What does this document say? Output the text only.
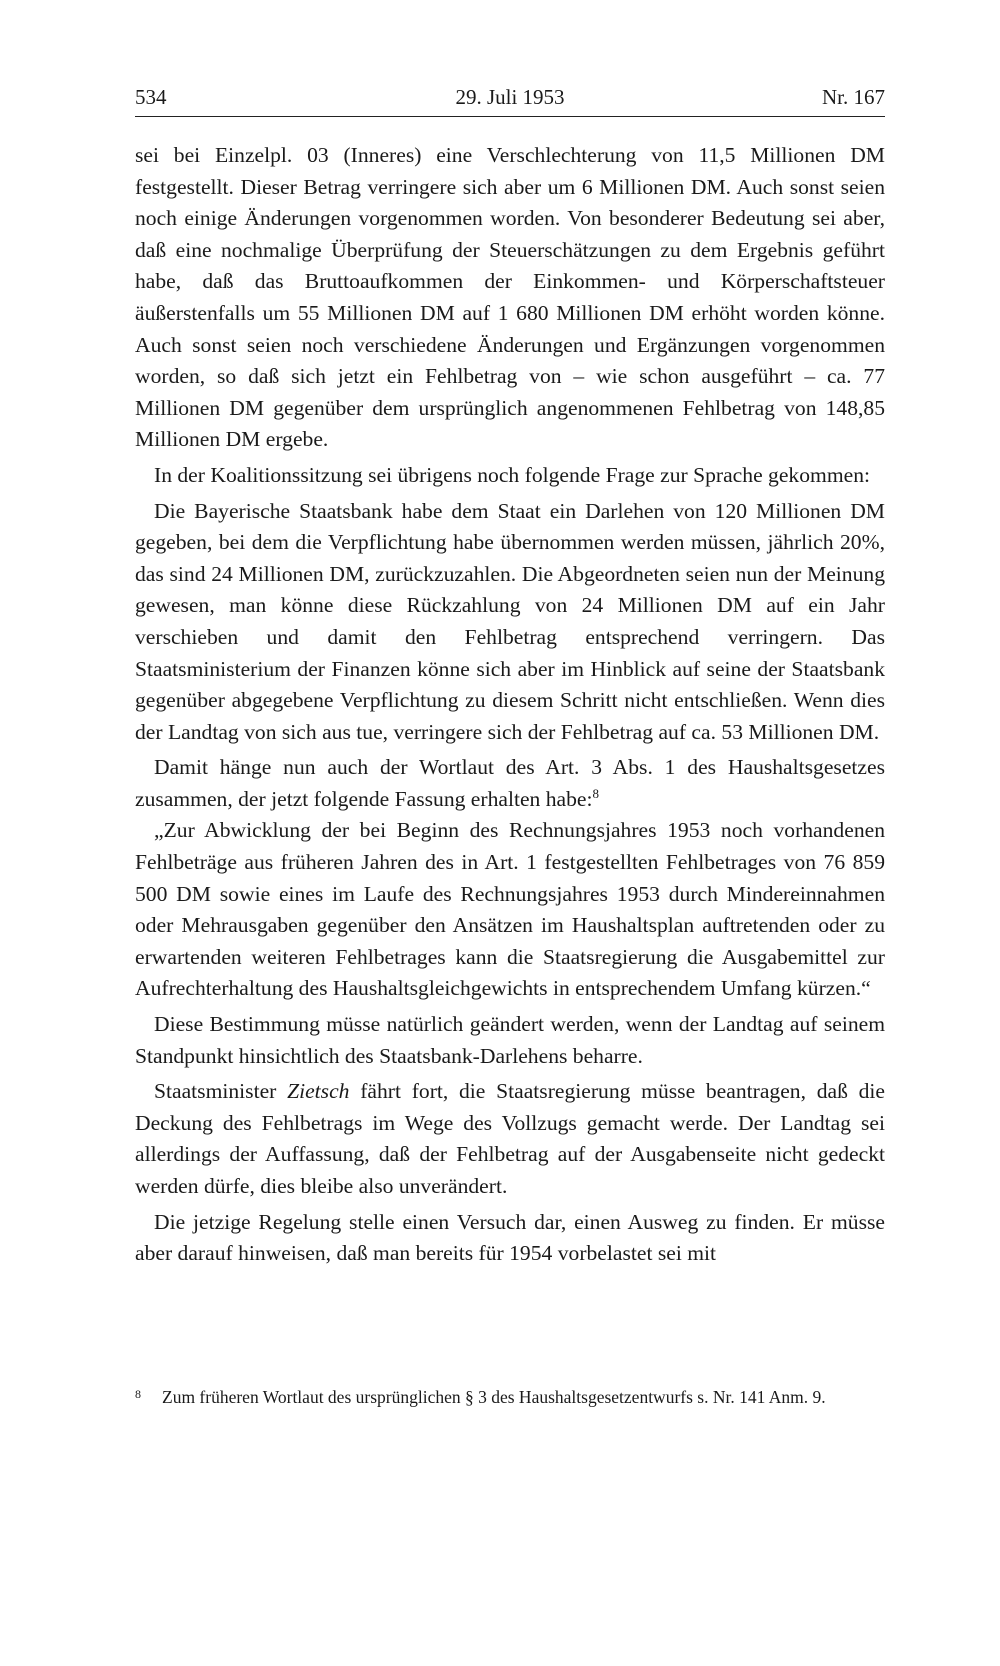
534	29. Juli 1953	Nr. 167

sei bei Einzelpl. 03 (Inneres) eine Verschlechterung von 11,5 Millionen DM festgestellt. Dieser Betrag verringere sich aber um 6 Millionen DM. Auch sonst seien noch einige Änderungen vorgenommen worden. Von besonderer Bedeutung sei aber, daß eine nochmalige Überprüfung der Steuerschätzungen zu dem Ergebnis geführt habe, daß das Bruttoaufkommen der Einkommen- und Körperschaftsteuer äußerstenfalls um 55 Millionen DM auf 1 680 Millionen DM erhöht worden könne. Auch sonst seien noch verschiedene Änderungen und Ergänzungen vorgenommen worden, so daß sich jetzt ein Fehlbetrag von – wie schon ausgeführt – ca. 77 Millionen DM gegenüber dem ursprünglich angenommenen Fehlbetrag von 148,85 Millionen DM ergebe.

In der Koalitionssitzung sei übrigens noch folgende Frage zur Sprache gekommen:

Die Bayerische Staatsbank habe dem Staat ein Darlehen von 120 Millionen DM gegeben, bei dem die Verpflichtung habe übernommen werden müssen, jährlich 20%, das sind 24 Millionen DM, zurückzuzahlen. Die Abgeordneten seien nun der Meinung gewesen, man könne diese Rückzahlung von 24 Millionen DM auf ein Jahr verschieben und damit den Fehlbetrag entsprechend verringern. Das Staatsministerium der Finanzen könne sich aber im Hinblick auf seine der Staatsbank gegenüber abgegebene Verpflichtung zu diesem Schritt nicht entschließen. Wenn dies der Landtag von sich aus tue, verringere sich der Fehlbetrag auf ca. 53 Millionen DM.

Damit hänge nun auch der Wortlaut des Art. 3 Abs. 1 des Haushaltsgesetzes zusammen, der jetzt folgende Fassung erhalten habe:$^8$

„Zur Abwicklung der bei Beginn des Rechnungsjahres 1953 noch vorhandenen Fehlbeträge aus früheren Jahren des in Art. 1 festgestellten Fehlbetrages von 76 859 500 DM sowie eines im Laufe des Rechnungsjahres 1953 durch Mindereinnahmen oder Mehrausgaben gegenüber den Ansätzen im Haushaltsplan auftretenden oder zu erwartenden weiteren Fehlbetrages kann die Staatsregierung die Ausgabemittel zur Aufrechterhaltung des Haushaltsgleichgewichts in entsprechendem Umfang kürzen.“

Diese Bestimmung müsse natürlich geändert werden, wenn der Landtag auf seinem Standpunkt hinsichtlich des Staatsbank-Darlehens beharre.

Staatsminister Zietsch fährt fort, die Staatsregierung müsse beantragen, daß die Deckung des Fehlbetrags im Wege des Vollzugs gemacht werde. Der Landtag sei allerdings der Auffassung, daß der Fehlbetrag auf der Ausgabenseite nicht gedeckt werden dürfe, dies bleibe also unverändert.

Die jetzige Regelung stelle einen Versuch dar, einen Ausweg zu finden. Er müsse aber darauf hinweisen, daß man bereits für 1954 vorbelastet sei mit

8 Zum früheren Wortlaut des ursprünglichen § 3 des Haushaltsgesetzentwurfs s. Nr. 141 Anm. 9.
